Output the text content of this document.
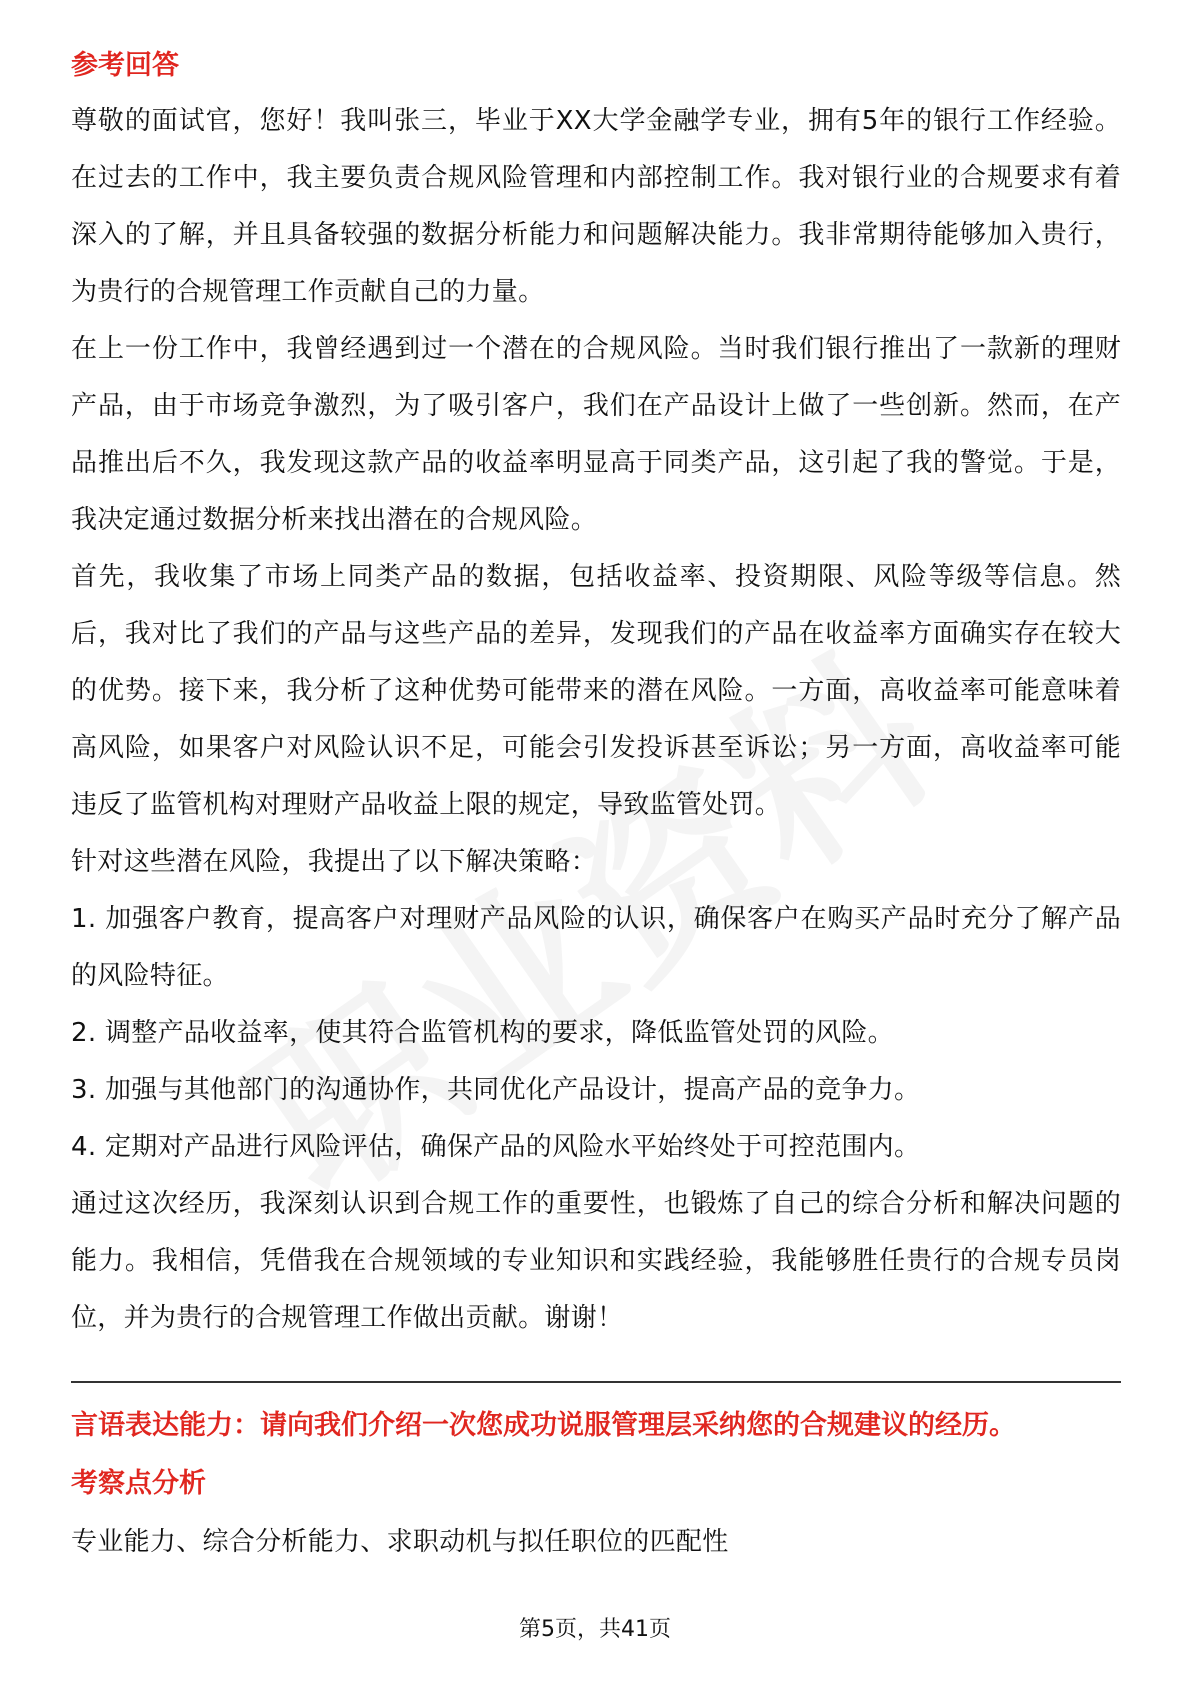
参考回答

尊敬的面试官，您好！我叫张三，毕业于XX大学金融学专业，拥有5年的银行工作经验。在过去的工作中，我主要负责合规风险管理和内部控制工作。我对银行业的合规要求有着深入的了解，并且具备较强的数据分析能力和问题解决能力。我非常期待能够加入贵行，为贵行的合规管理工作贡献自己的力量。

在上一份工作中，我曾经遇到过一个潜在的合规风险。当时我们银行推出了一款新的理财产品，由于市场竞争激烈，为了吸引客户，我们在产品设计上做了一些创新。然而，在产品推出后不久，我发现这款产品的收益率明显高于同类产品，这引起了我的警觉。于是，我决定通过数据分析来找出潜在的合规风险。

首先，我收集了市场上同类产品的数据，包括收益率、投资期限、风险等级等信息。然后，我对比了我们的产品与这些产品的差异，发现我们的产品在收益率方面确实存在较大的优势。接下来，我分析了这种优势可能带来的潜在风险。一方面，高收益率可能意味着高风险，如果客户对风险认识不足，可能会引发投诉甚至诉讼；另一方面，高收益率可能违反了监管机构对理财产品收益上限的规定，导致监管处罚。

针对这些潜在风险，我提出了以下解决策略：

1. 加强客户教育，提高客户对理财产品风险的认识，确保客户在购买产品时充分了解产品的风险特征。

2. 调整产品收益率，使其符合监管机构的要求，降低监管处罚的风险。

3. 加强与其他部门的沟通协作，共同优化产品设计，提高产品的竞争力。

4. 定期对产品进行风险评估，确保产品的风险水平始终处于可控范围内。

通过这次经历，我深刻认识到合规工作的重要性，也锻炼了自己的综合分析和解决问题的能力。我相信，凭借我在合规领域的专业知识和实践经验，我能够胜任贵行的合规专员岗位，并为贵行的合规管理工作做出贡献。谢谢！

言语表达能力：请向我们介绍一次您成功说服管理层采纳您的合规建议的经历。
考察点分析

专业能力、综合分析能力、求职动机与拟任职位的匹配性

第5页，共41页
